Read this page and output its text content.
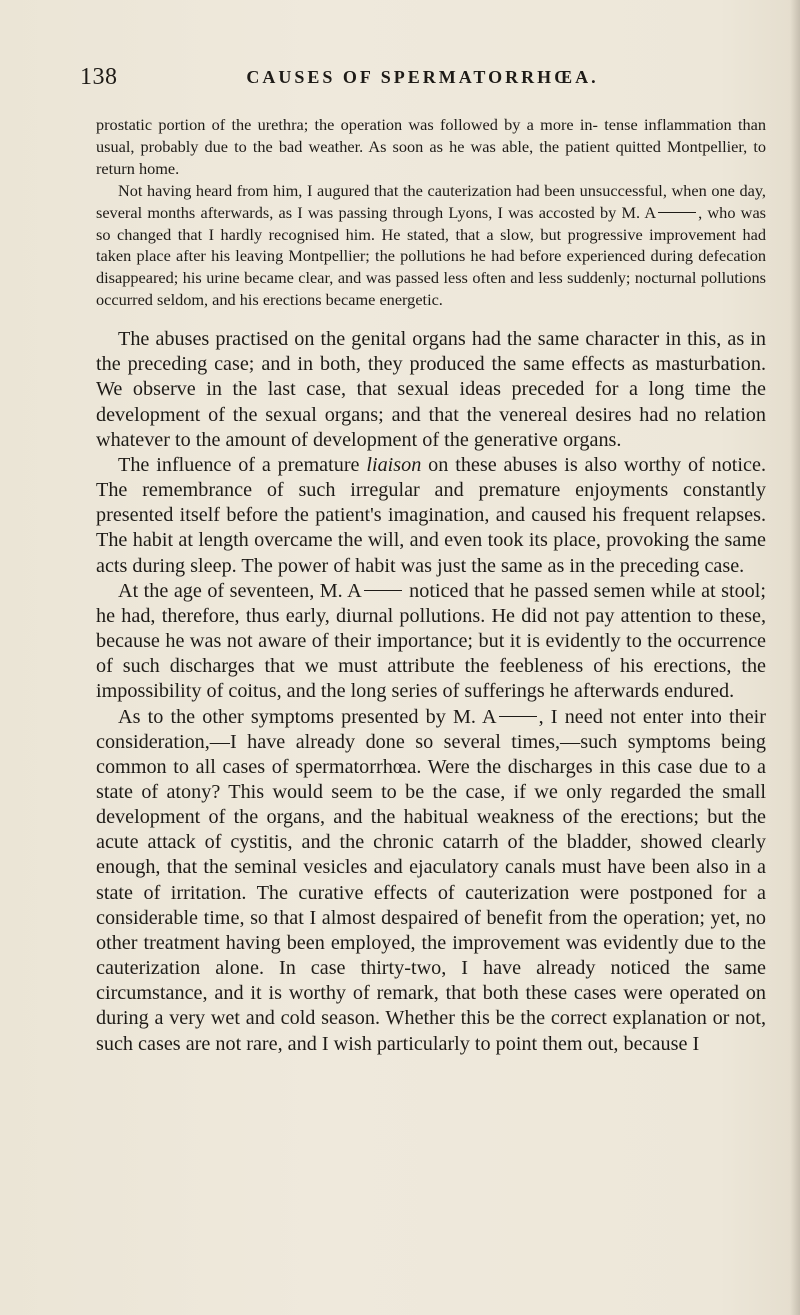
138	CAUSES OF SPERMATORRHŒA.

prostatic portion of the urethra; the operation was followed by a more in- tense inflammation than usual, probably due to the bad weather. As soon as he was able, the patient quitted Montpellier, to return home.

Not having heard from him, I augured that the cauterization had been unsuccessful, when one day, several months afterwards, as I was passing through Lyons, I was accosted by M. A	, who was so changed that I hardly recognised him. He stated, that a slow, but progressive improvement had taken place after his leaving Montpellier; the pollutions he had before experienced during defecation disappeared; his urine became clear, and was passed less often and less suddenly; nocturnal pollutions occurred seldom, and his erections became energetic.

The abuses practised on the genital organs had the same character in this, as in the preceding case; and in both, they produced the same effects as masturbation. We observe in the last case, that sexual ideas preceded for a long time the development of the sexual organs; and that the venereal desires had no relation whatever to the amount of development of the generative organs.

The influence of a premature liaison on these abuses is also worthy of notice. The remembrance of such irregular and premature enjoyments constantly presented itself before the patient's imagination, and caused his frequent relapses. The habit at length overcame the will, and even took its place, provoking the same acts during sleep. The power of habit was just the same as in the preceding case.

At the age of seventeen, M. A noticed that he passed semen while at stool; he had, therefore, thus early, diurnal pollutions. He did not pay attention to these, because he was not aware of their importance; but it is evidently to the occurrence of such discharges that we must attribute the feebleness of his erections, the impossibility of coitus, and the long series of sufferings he afterwards endured.

As to the other symptoms presented by M. A , I need not enter into their consideration,—I have already done so several times,—such symptoms being common to all cases of spermatorrhœa. Were the discharges in this case due to a state of atony? This would seem to be the case, if we only regarded the small development of the organs, and the habitual weakness of the erections; but the acute attack of cystitis, and the chronic catarrh of the bladder, showed clearly enough, that the seminal vesicles and ejaculatory canals must have been also in a state of irritation. The curative effects of cauterization were postponed for a considerable time, so that I almost despaired of benefit from the operation; yet, no other treatment having been employed, the improvement was evidently due to the cauterization alone. In case thirty-two, I have already noticed the same circumstance, and it is worthy of remark, that both these cases were operated on during a very wet and cold season. Whether this be the correct explanation or not, such cases are not rare, and I wish particularly to point them out, because I
